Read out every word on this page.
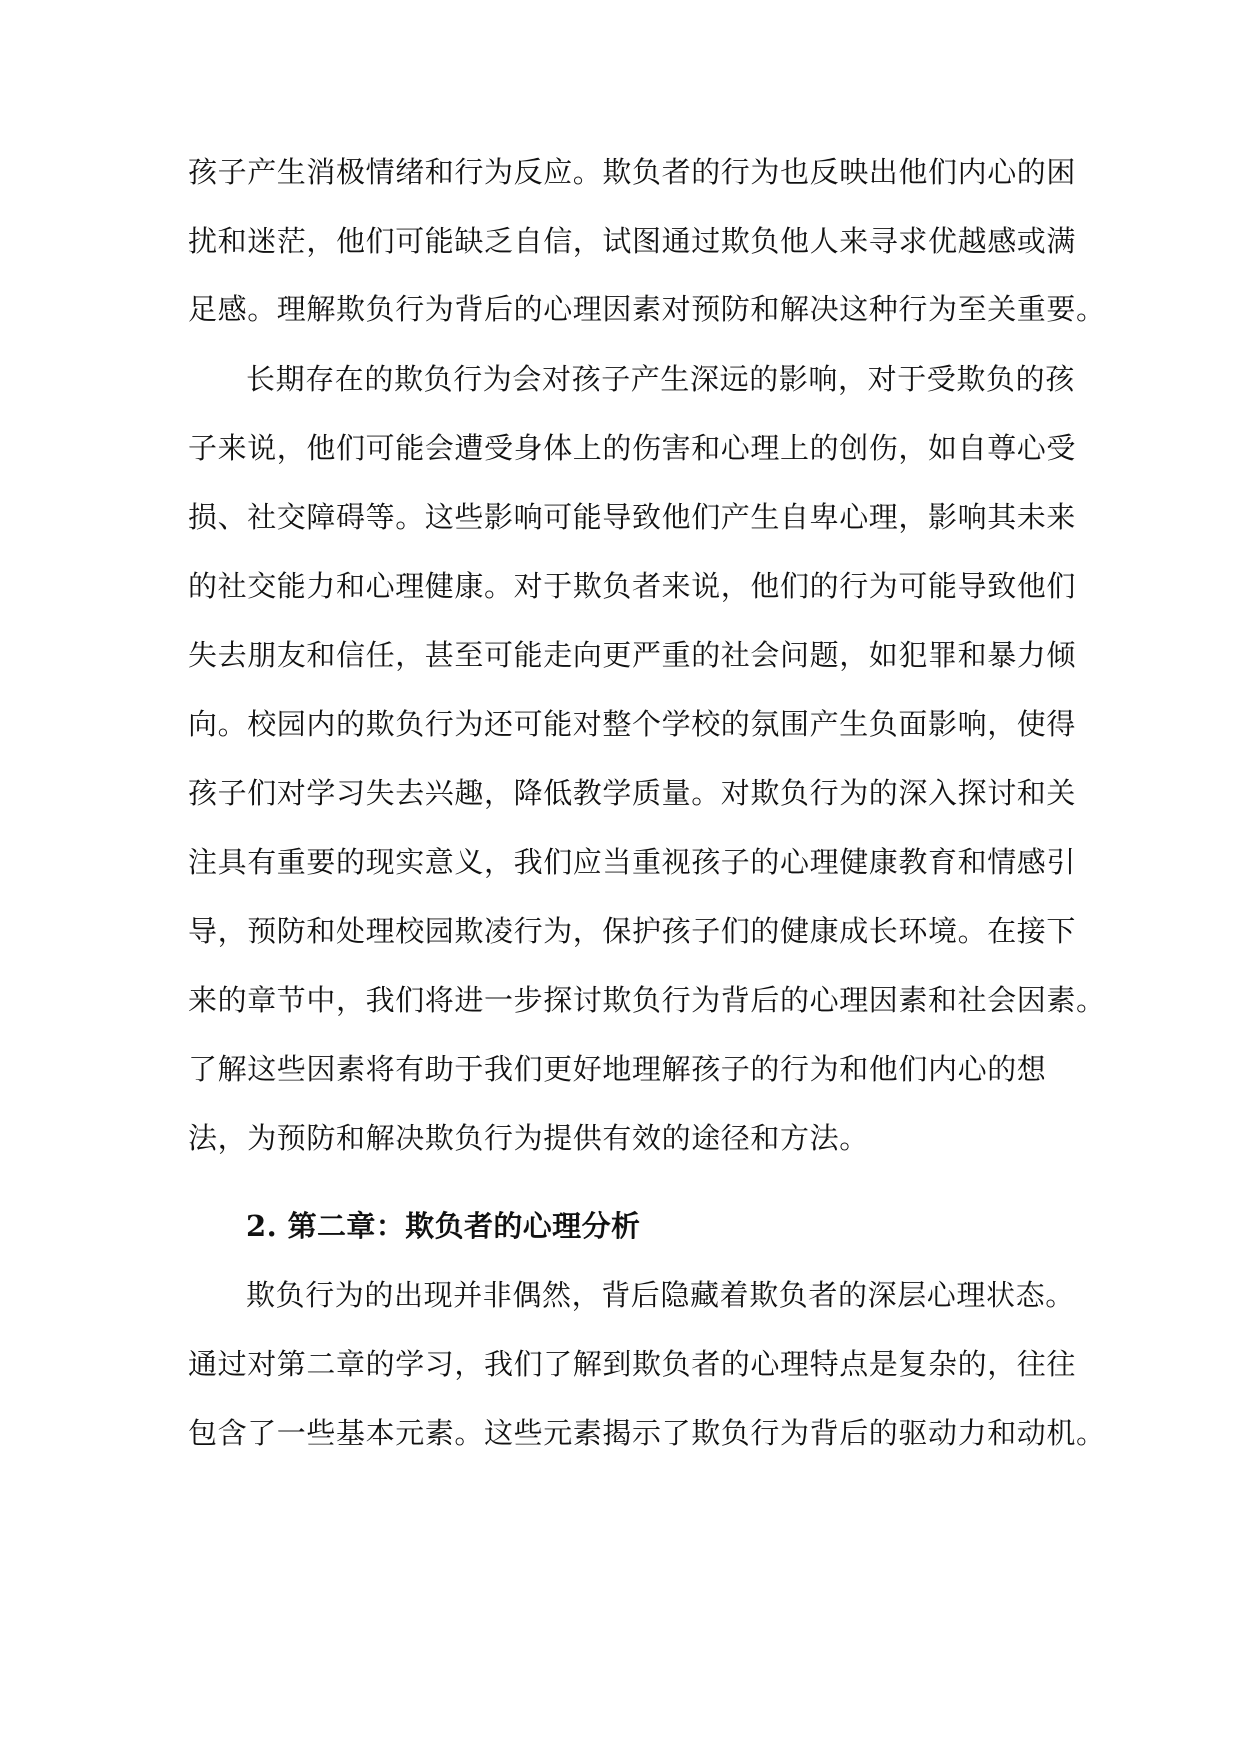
孩子产生消极情绪和行为反应。欺负者的行为也反映出他们内心的困
扰和迷茫，他们可能缺乏自信，试图通过欺负他人来寻求优越感或满
足感。理解欺负行为背后的心理因素对预防和解决这种行为至关重要。
长期存在的欺负行为会对孩子产生深远的影响，对于受欺负的孩
子来说，他们可能会遭受身体上的伤害和心理上的创伤，如自尊心受
损、社交障碍等。这些影响可能导致他们产生自卑心理，影响其未来
的社交能力和心理健康。对于欺负者来说，他们的行为可能导致他们
失去朋友和信任，甚至可能走向更严重的社会问题，如犯罪和暴力倾
向。校园内的欺负行为还可能对整个学校的氛围产生负面影响，使得
孩子们对学习失去兴趣，降低教学质量。对欺负行为的深入探讨和关
注具有重要的现实意义，我们应当重视孩子的心理健康教育和情感引
导，预防和处理校园欺凌行为，保护孩子们的健康成长环境。在接下
来的章节中，我们将进一步探讨欺负行为背后的心理因素和社会因素。
了解这些因素将有助于我们更好地理解孩子的行为和他们内心的想
法，为预防和解决欺负行为提供有效的途径和方法。
2. 第二章：欺负者的心理分析
欺负行为的出现并非偶然，背后隐藏着欺负者的深层心理状态。
通过对第二章的学习，我们了解到欺负者的心理特点是复杂的，往往
包含了一些基本元素。这些元素揭示了欺负行为背后的驱动力和动机。
